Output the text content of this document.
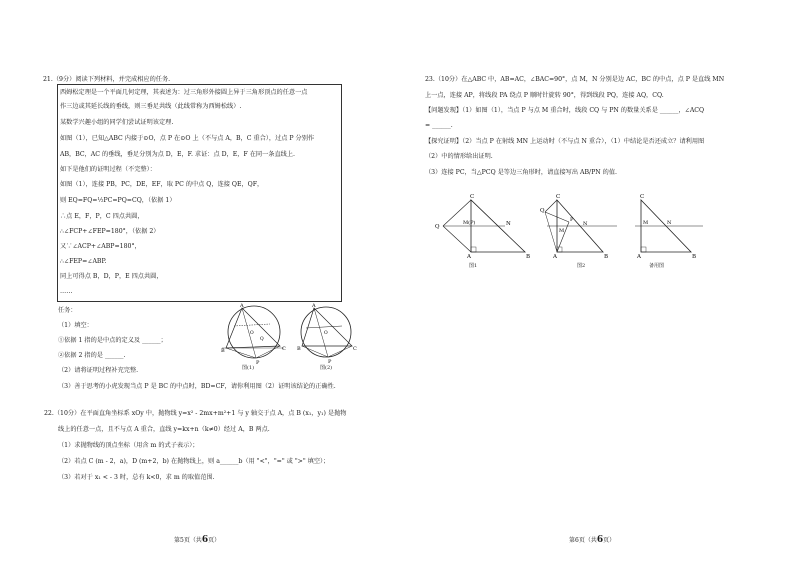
21.（9分）阅读下列材料，并完成相应的任务.
西姆松定理是一个平面几何定理，其表述为：过三角形外接圆上异于三角形顶点的任意一点
作三边或其延长线的垂线，则三垂足共线（此线常称为西姆松线）.
某数学兴趣小组的同学们尝试证明该定理.
如图（1），已知△ABC 内接于⊙O，点 P 在⊙O 上（不与点 A，B，C 重合），过点 P 分别作
AB，BC，AC 的垂线，垂足分别为点 D，E，F. 求证：点 D，E，F 在同一条直线上.
如下是他们的证明过程（不完整）：
如图（1），连接 PB，PC，DE，EF，取 PC 的中点 Q，连接 QE，QF，
则 EQ=FQ=½PC=PQ=CQ，（依据 1）
∴点 E，F，P，C 四点共圆，
∴∠FCP+∠FEP=180°，（依据 2）
又∵∠ACP+∠ABP=180°，
∴∠FEP=∠ABP.
同上可得点 B，D，P，E 四点共圆，
……
任务：
（1）填空：
①依据 1 指的是中点的定义及 ______；
②依据 2 指的是 ______.
（2）请将证明过程补充完整.
（3）善于思考的小虎发现当点 P 是 BC 的中点时，BD=CF，请你利用图（2）证明该结论的正确性.
A
B	C
P
O
Q
图(1)
A
B	C
P
O
图(2)
22.（10分）在平面直角坐标系 xOy 中，抛物线 y=x² - 2mx+m²+1 与 y 轴交于点 A，点 B (x₁，y₁) 是抛物
线上的任意一点，且不与点 A 重合，直线 y=kx+n（k≠0）经过 A，B 两点.
（1）求抛物线的顶点坐标（用含 m 的式子表示）；
（2）若点 C (m - 2，a)，D (m+2，b) 在抛物线上，则 a______b（用 "<"，"=" 或 ">" 填空）；
（3）若对于 x₁ < - 3 时，总有 k<0，求 m 的取值范围.
第5页（共6页）
23.（10分）在△ABC 中，AB=AC，∠BAC=90°，点 M，N 分别是边 AC，BC 的中点，点 P 是直线 MN
上一点，连接 AP，将线段 PA 绕点 P 顺时针旋转 90°，得到线段 PQ，连接 AQ，CQ.
【问题发现】（1）如图（1），当点 P 与点 M 重合时，线段 CQ 与 PN 的数量关系是 ______，∠ACQ
= ______.
【探究证明】（2）当点 P 在射线 MN 上运动时（不与点 N 重合），（1）中结论是否还成立？请利用图
（2）中的情形给出证明.
（3）连接 PC，当△PCQ 是等边三角形时，请直接写出 AB/PN 的值.
C
A	B
Q
M(P)	N
图1
C
A	B
Q
M
P
N
图2
C
A	B
M	N
备用图
第6页（共6页）
